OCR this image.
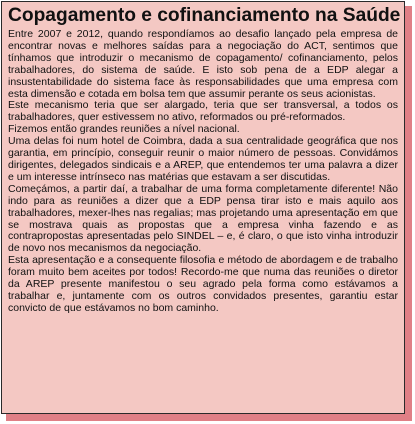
Copagamento e cofinanciamento na Saúde

Entre 2007 e 2012, quando respondíamos ao desafio lançado pela empresa de encontrar novas e melhores saídas para a negociação do ACT, sentimos que tínhamos que introduzir o mecanismo de copagamento/ cofinanciamento, pelos trabalhadores, do sistema de saúde. E isto sob pena de a EDP alegar a insustentabilidade do sistema face às responsabilidades que uma empresa com esta dimensão e cotada em bolsa tem que assumir perante os seus acionistas.

Este mecanismo teria que ser alargado, teria que ser transversal, a todos os trabalhadores, quer estivessem no ativo, reformados ou pré-reformados.

Fizemos então grandes reuniões a nível nacional.

Uma delas foi num hotel de Coimbra, dada a sua centralidade geográfica que nos garantia, em princípio, conseguir reunir o maior número de pessoas. Convidámos dirigentes, delegados sindicais e a AREP, que entendemos ter uma palavra a dizer e um interesse intrínseco nas matérias que estavam a ser discutidas.

Começámos, a partir daí, a trabalhar de uma forma completamente diferente! Não indo para as reuniões a dizer que a EDP pensa tirar isto e mais aquilo aos trabalhadores, mexer-lhes nas regalias; mas projetando uma apresentação em que se mostrava quais as propostas que a empresa vinha fazendo e as contrapropostas apresentadas pelo SINDEL – e, é claro, o que isto vinha introduzir de novo nos mecanismos da negociação.

Esta apresentação e a consequente filosofia e método de abordagem e de trabalho foram muito bem aceites por todos! Recordo-me que numa das reuniões o diretor da AREP presente manifestou o seu agrado pela forma como estávamos a trabalhar e, juntamente com os outros convidados presentes, garantiu estar convicto de que estávamos no bom caminho.
